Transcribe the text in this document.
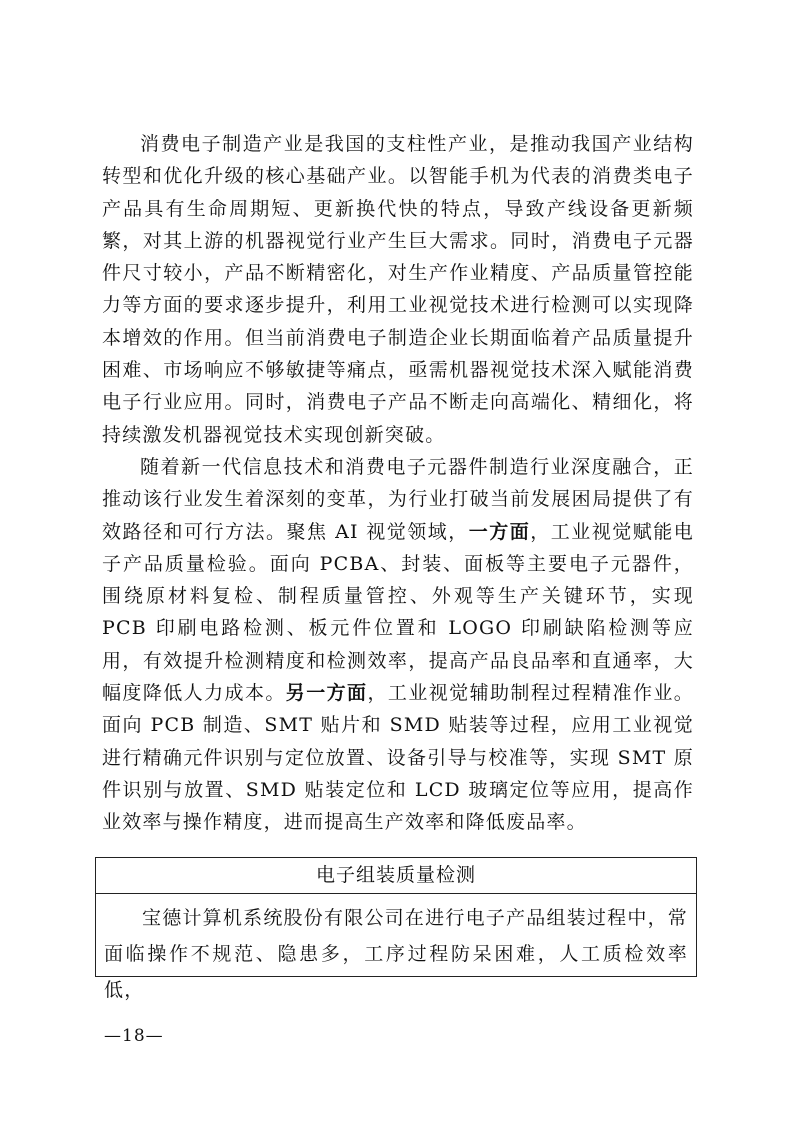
消费电子制造产业是我国的支柱性产业，是推动我国产业结构转型和优化升级的核心基础产业。以智能手机为代表的消费类电子产品具有生命周期短、更新换代快的特点，导致产线设备更新频繁，对其上游的机器视觉行业产生巨大需求。同时，消费电子元器件尺寸较小，产品不断精密化，对生产作业精度、产品质量管控能力等方面的要求逐步提升，利用工业视觉技术进行检测可以实现降本增效的作用。但当前消费电子制造企业长期面临着产品质量提升困难、市场响应不够敏捷等痛点，亟需机器视觉技术深入赋能消费电子行业应用。同时，消费电子产品不断走向高端化、精细化，将持续激发机器视觉技术实现创新突破。

随着新一代信息技术和消费电子元器件制造行业深度融合，正推动该行业发生着深刻的变革，为行业打破当前发展困局提供了有效路径和可行方法。聚焦 AI 视觉领域，一方面，工业视觉赋能电子产品质量检验。面向 PCBA、封装、面板等主要电子元器件，围绕原材料复检、制程质量管控、外观等生产关键环节，实现 PCB 印刷电路检测、板元件位置和 LOGO 印刷缺陷检测等应用，有效提升检测精度和检测效率，提高产品良品率和直通率，大幅度降低人力成本。另一方面，工业视觉辅助制程过程精准作业。面向 PCB 制造、SMT 贴片和 SMD 贴装等过程，应用工业视觉进行精确元件识别与定位放置、设备引导与校准等，实现 SMT 原件识别与放置、SMD 贴装定位和 LCD 玻璃定位等应用，提高作业效率与操作精度，进而提高生产效率和降低废品率。

电子组装质量检测

宝德计算机系统股份有限公司在进行电子产品组装过程中，常面临操作不规范、隐患多，工序过程防呆困难，人工质检效率低，

—18—
